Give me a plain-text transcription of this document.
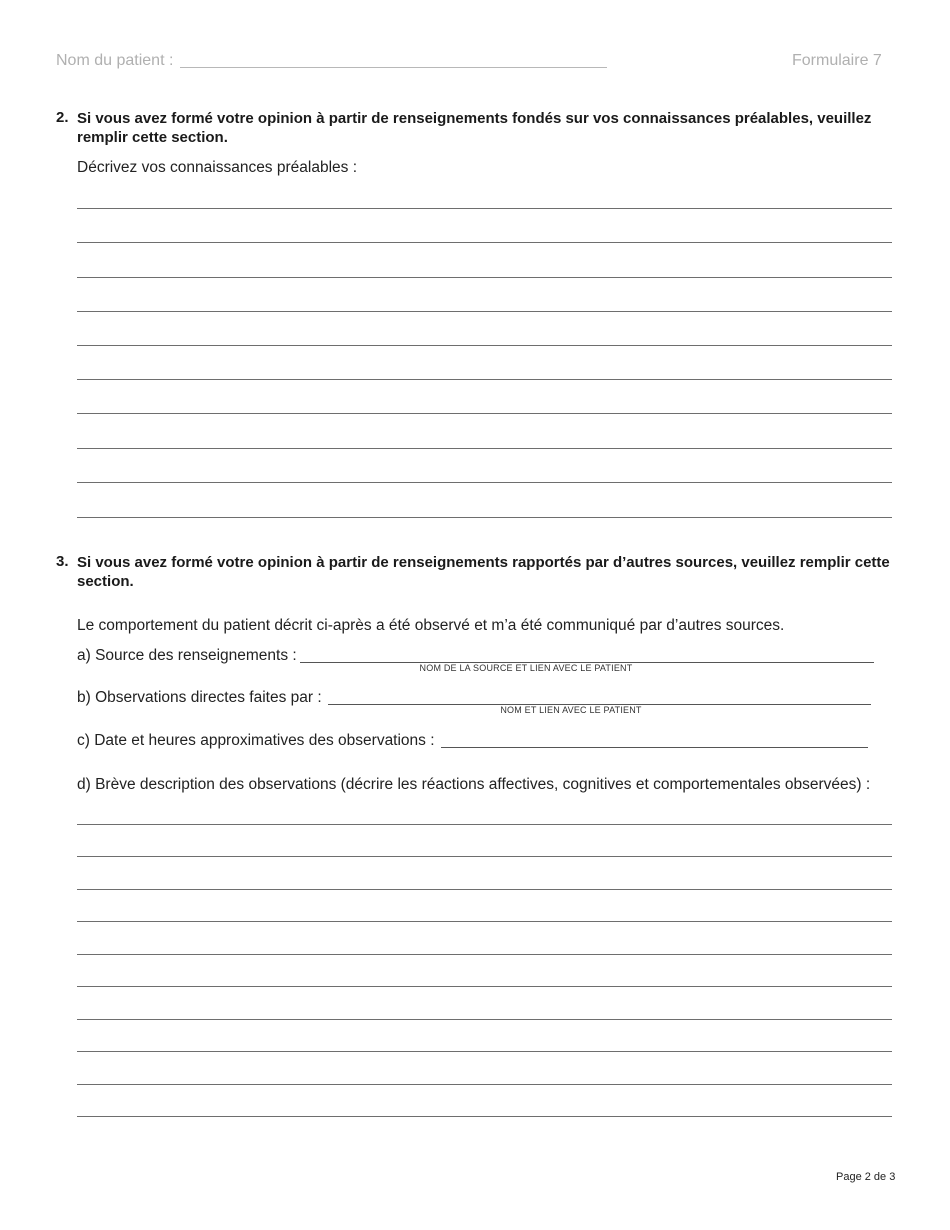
Nom du patient :	Formulaire 7
2. Si vous avez formé votre opinion à partir de renseignements fondés sur vos connaissances préalables, veuillez remplir cette section.
Décrivez vos connaissances préalables :
3. Si vous avez formé votre opinion à partir de renseignements rapportés par d’autres sources, veuillez remplir cette section.
Le comportement du patient décrit ci-après a été observé et m’a été communiqué par d’autres sources.
a) Source des renseignements :
NOM DE LA SOURCE ET LIEN AVEC LE PATIENT
b) Observations directes faites par :
NOM ET LIEN AVEC LE PATIENT
c) Date et heures approximatives des observations :
d) Brève description des observations (décrire les réactions affectives, cognitives et comportementales observées) :
Page 2 de 3
